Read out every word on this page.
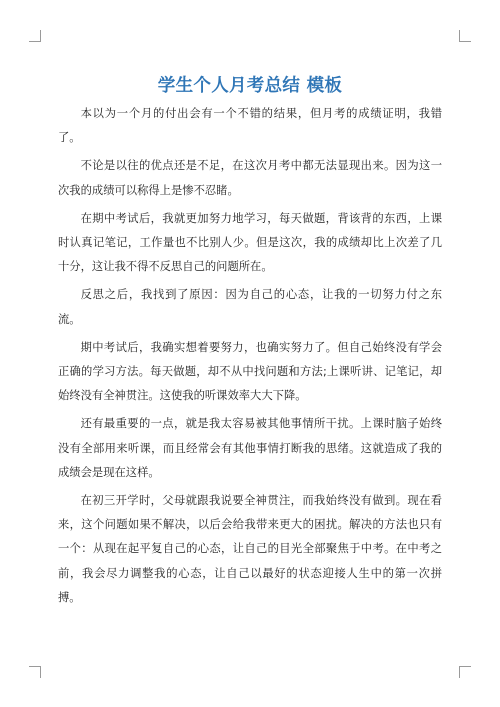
学生个人月考总结 模板

本以为一个月的付出会有一个不错的结果，但月考的成绩证明，我错了。

不论是以往的优点还是不足，在这次月考中都无法显现出来。因为这一次我的成绩可以称得上是惨不忍睹。

在期中考试后，我就更加努力地学习，每天做题，背该背的东西，上课时认真记笔记，工作量也不比别人少。但是这次，我的成绩却比上次差了几十分，这让我不得不反思自己的问题所在。

反思之后，我找到了原因：因为自己的心态，让我的一切努力付之东流。

期中考试后，我确实想着要努力，也确实努力了。但自己始终没有学会正确的学习方法。每天做题，却不从中找问题和方法;上课听讲、记笔记，却始终没有全神贯注。这使我的听课效率大大下降。

还有最重要的一点，就是我太容易被其他事情所干扰。上课时脑子始终没有全部用来听课，而且经常会有其他事情打断我的思绪。这就造成了我的成绩会是现在这样。

在初三开学时，父母就跟我说要全神贯注，而我始终没有做到。现在看来，这个问题如果不解决，以后会给我带来更大的困扰。解决的方法也只有一个：从现在起平复自己的心态，让自己的目光全部聚焦于中考。在中考之前，我会尽力调整我的心态，让自己以最好的状态迎接人生中的第一次拼搏。
